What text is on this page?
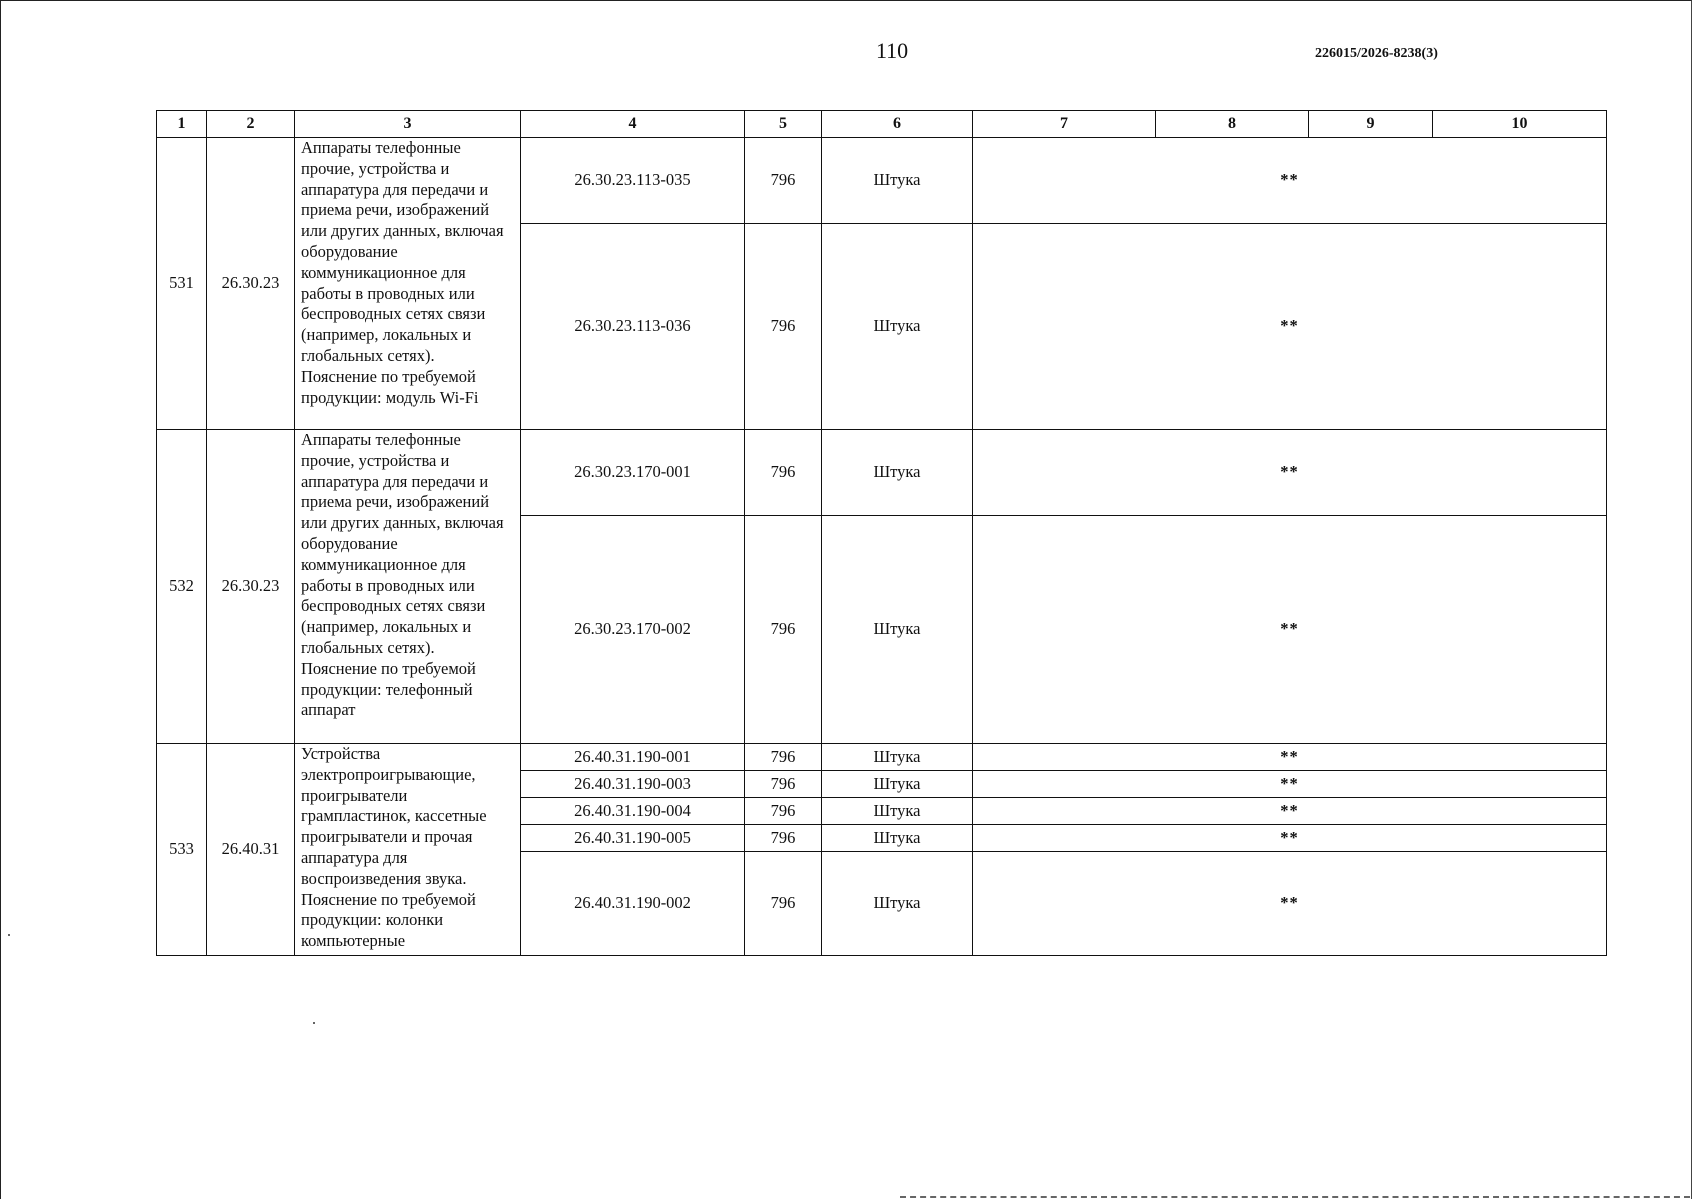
110	226015/2026-8238(3)
1	2	3	4	5	6	7	8	9	10
531	26.30.23	Аппараты телефонные прочие, устройства и аппаратура для передачи и приема речи, изображений или других данных, включая оборудование коммуникационное для работы в проводных или беспроводных сетях связи (например, локальных и глобальных сетях). Пояснение по требуемой продукции: модуль Wi-Fi	26.30.23.113-035	796	Штука	**			
			26.30.23.113-036	796	Штука	**			
532	26.30.23	Аппараты телефонные прочие, устройства и аппаратура для передачи и приема речи, изображений или других данных, включая оборудование коммуникационное для работы в проводных или беспроводных сетях связи (например, локальных и глобальных сетях). Пояснение по требуемой продукции: телефонный аппарат	26.30.23.170-001	796	Штука	**			
			26.30.23.170-002	796	Штука	**			
533	26.40.31	Устройства электропроигрывающие, проигрыватели грампластинок, кассетные проигрыватели и прочая аппаратура для воспроизведения звука. Пояснение по требуемой продукции: колонки компьютерные	26.40.31.190-001	796	Штука	**			
			26.40.31.190-003	796	Штука	**			
			26.40.31.190-004	796	Штука	**			
			26.40.31.190-005	796	Штука	**			
			26.40.31.190-002	796	Штука	**			
